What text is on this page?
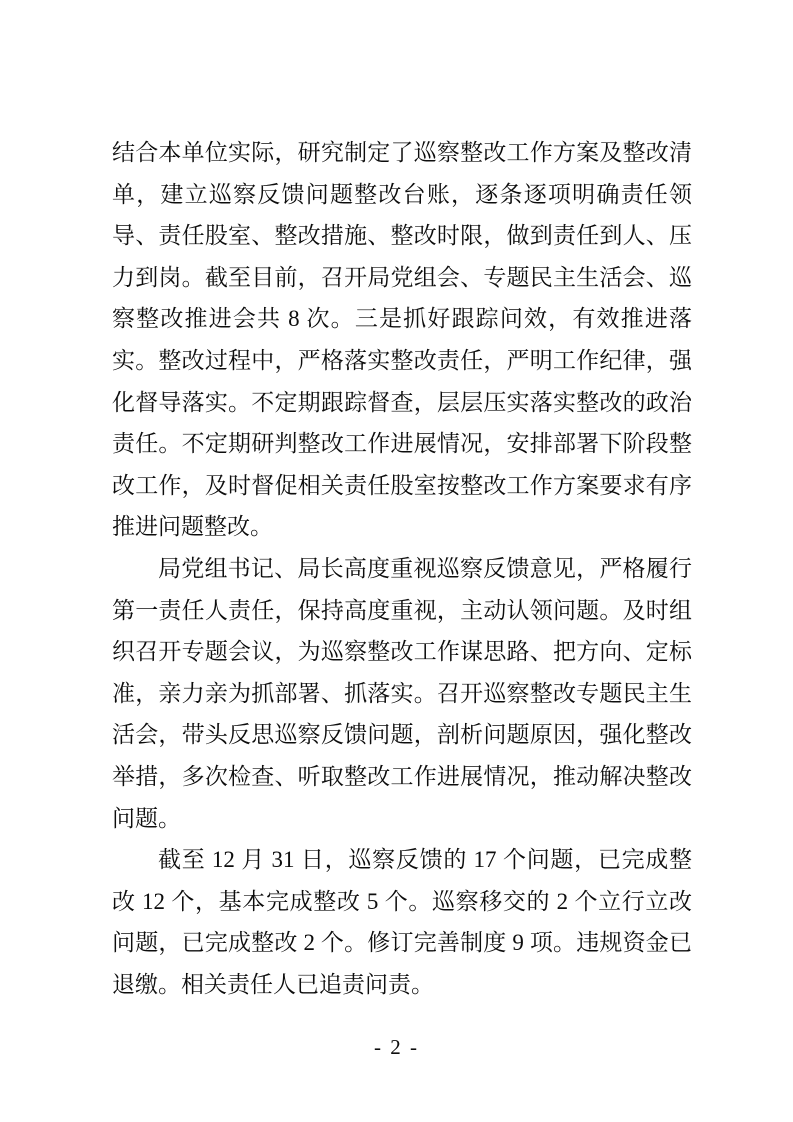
结合本单位实际，研究制定了巡察整改工作方案及整改清单，建立巡察反馈问题整改台账，逐条逐项明确责任领导、责任股室、整改措施、整改时限，做到责任到人、压力到岗。截至目前，召开局党组会、专题民主生活会、巡察整改推进会共 8 次。三是抓好跟踪问效，有效推进落实。整改过程中，严格落实整改责任，严明工作纪律，强化督导落实。不定期跟踪督查，层层压实落实整改的政治责任。不定期研判整改工作进展情况，安排部署下阶段整改工作，及时督促相关责任股室按整改工作方案要求有序推进问题整改。

局党组书记、局长高度重视巡察反馈意见，严格履行第一责任人责任，保持高度重视，主动认领问题。及时组织召开专题会议，为巡察整改工作谋思路、把方向、定标准，亲力亲为抓部署、抓落实。召开巡察整改专题民主生活会，带头反思巡察反馈问题，剖析问题原因，强化整改举措，多次检查、听取整改工作进展情况，推动解决整改问题。

截至 12 月 31 日，巡察反馈的 17 个问题，已完成整改 12 个，基本完成整改 5 个。巡察移交的 2 个立行立改问题，已完成整改 2 个。修订完善制度 9 项。违规资金已退缴。相关责任人已追责问责。

- 2 -
